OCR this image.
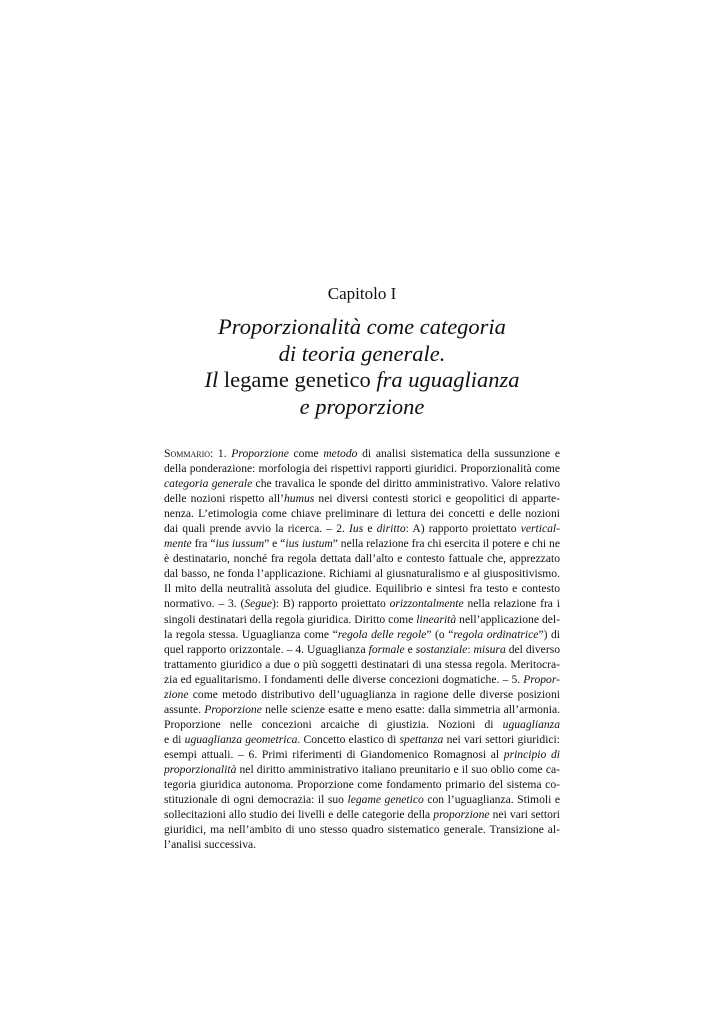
Capitolo I
Proporzionalità come categoria
di teoria generale.
Il legame genetico fra uguaglianza
e proporzione
Sommario: 1. Proporzione come metodo di analisi sistematica della sussunzione e
della ponderazione: morfologia dei rispettivi rapporti giuridici. Proporzionalità come
categoria generale che travalica le sponde del diritto amministrativo. Valore relativo
delle nozioni rispetto all’humus nei diversi contesti storici e geopolitici di apparte-
nenza. L’etimologia come chiave preliminare di lettura dei concetti e delle nozioni
dai quali prende avvio la ricerca. – 2. Ius e diritto: A) rapporto proiettato vertical-
mente fra “ius iussum” e “ius iustum” nella relazione fra chi esercita il potere e chi ne
è destinatario, nonché fra regola dettata dall’alto e contesto fattuale che, apprezzato
dal basso, ne fonda l’applicazione. Richiami al giusnaturalismo e al giuspositivismo.
Il mito della neutralità assoluta del giudice. Equilibrio e sintesi fra testo e contesto
normativo. – 3. (Segue): B) rapporto proiettato orizzontalmente nella relazione fra i
singoli destinatari della regola giuridica. Diritto come linearità nell’applicazione del-
la regola stessa. Uguaglianza come “regola delle regole” (o “regola ordinatrice”) di
quel rapporto orizzontale. – 4. Uguaglianza formale e sostanziale: misura del diverso
trattamento giuridico a due o più soggetti destinatari di una stessa regola. Meritocra-
zia ed egualitarismo. I fondamenti delle diverse concezioni dogmatiche. – 5. Propor-
zione come metodo distributivo dell’uguaglianza in ragione delle diverse posizioni
assunte. Proporzione nelle scienze esatte e meno esatte: dalla simmetria all’armonia.
Proporzione nelle concezioni arcaiche di giustizia. Nozioni di uguaglianza
e di uguaglianza geometrica. Concetto elastico di spettanza nei vari settori giuridici:
esempi attuali. – 6. Primi riferimenti di Giandomenico Romagnosi al principio di
proporzionalità nel diritto amministrativo italiano preunitario e il suo oblio come ca-
tegoria giuridica autonoma. Proporzione come fondamento primario del sistema co-
stituzionale di ogni democrazia: il suo legame genetico con l’uguaglianza. Stimoli e
sollecitazioni allo studio dei livelli e delle categorie della proporzione nei vari settori
giuridici, ma nell’ambito di uno stesso quadro sistematico generale. Transizione al-
l’analisi successiva.
